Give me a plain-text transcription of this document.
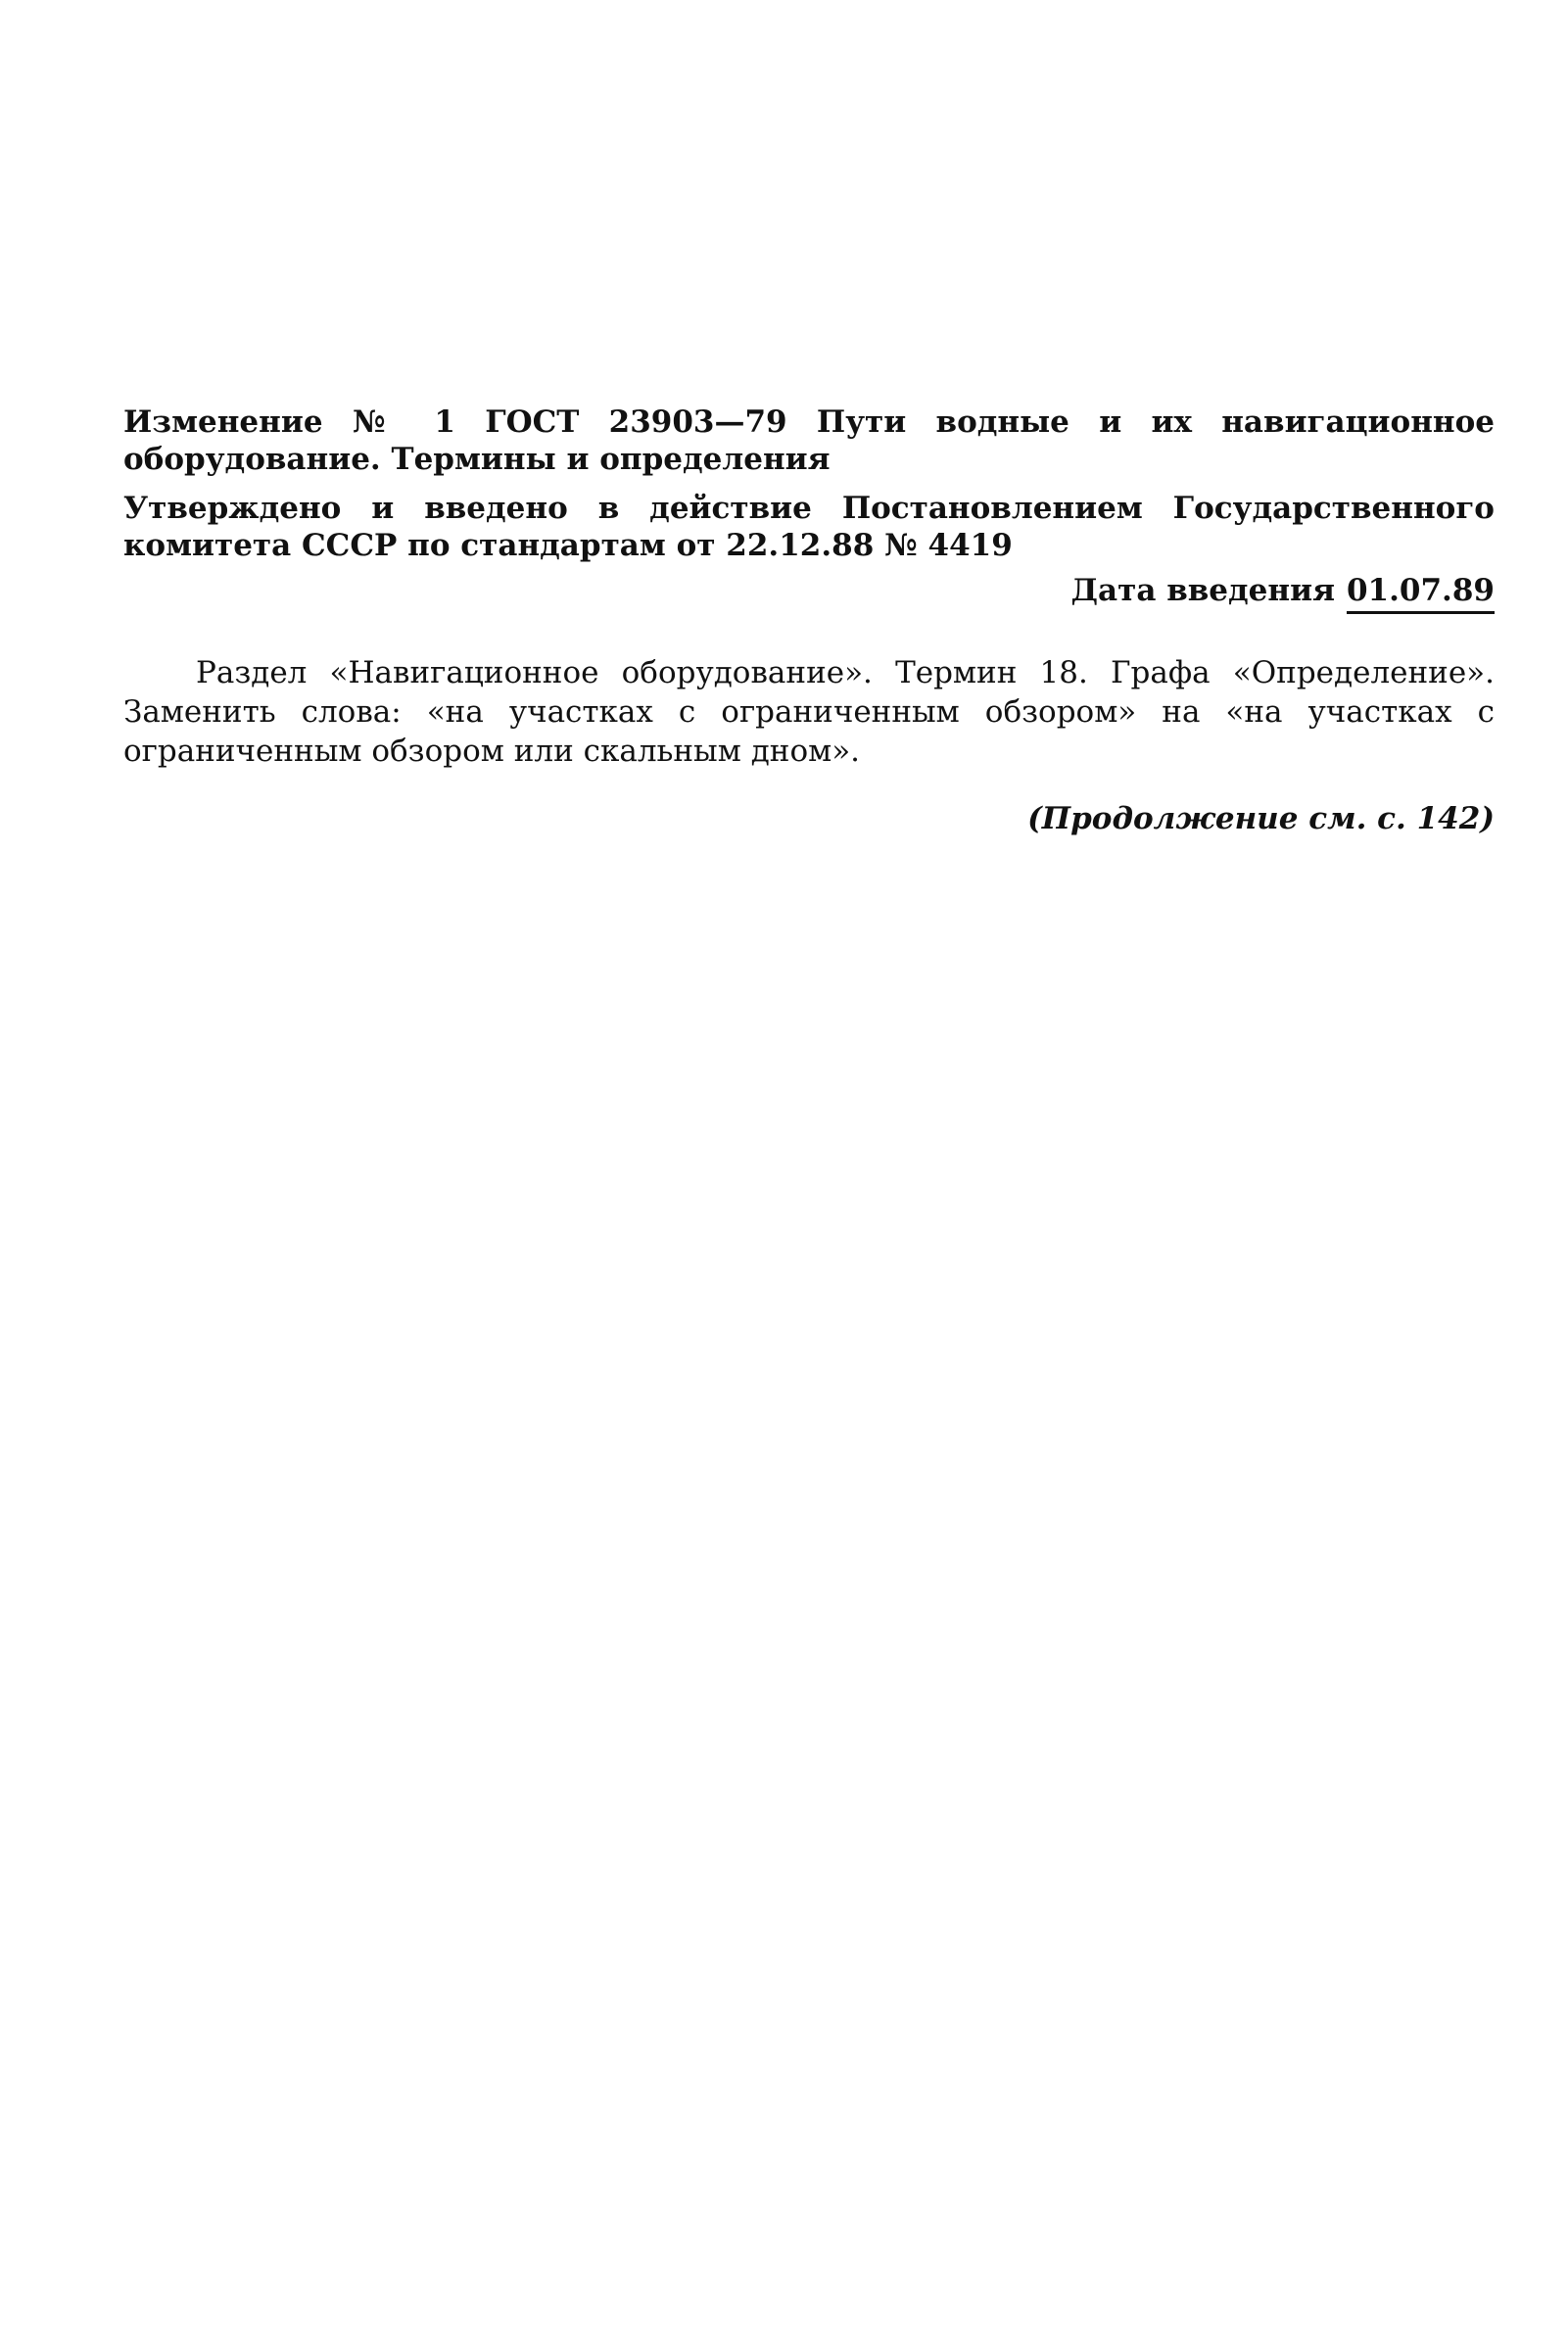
Изменение № 1 ГОСТ 23903—79 Пути водные и их навигационное оборудование. Термины и определения

Утверждено и введено в действие Постановлением Государственного комитета СССР по стандартам от 22.12.88 № 4419

Дата введения 01.07.89

Раздел «Навигационное оборудование». Термин 18. Графа «Определение». Заменить слова: «на участках с ограниченным обзором» на «на участках с ограниченным обзором или скальным дном».

(Продолжение см. с. 142)
